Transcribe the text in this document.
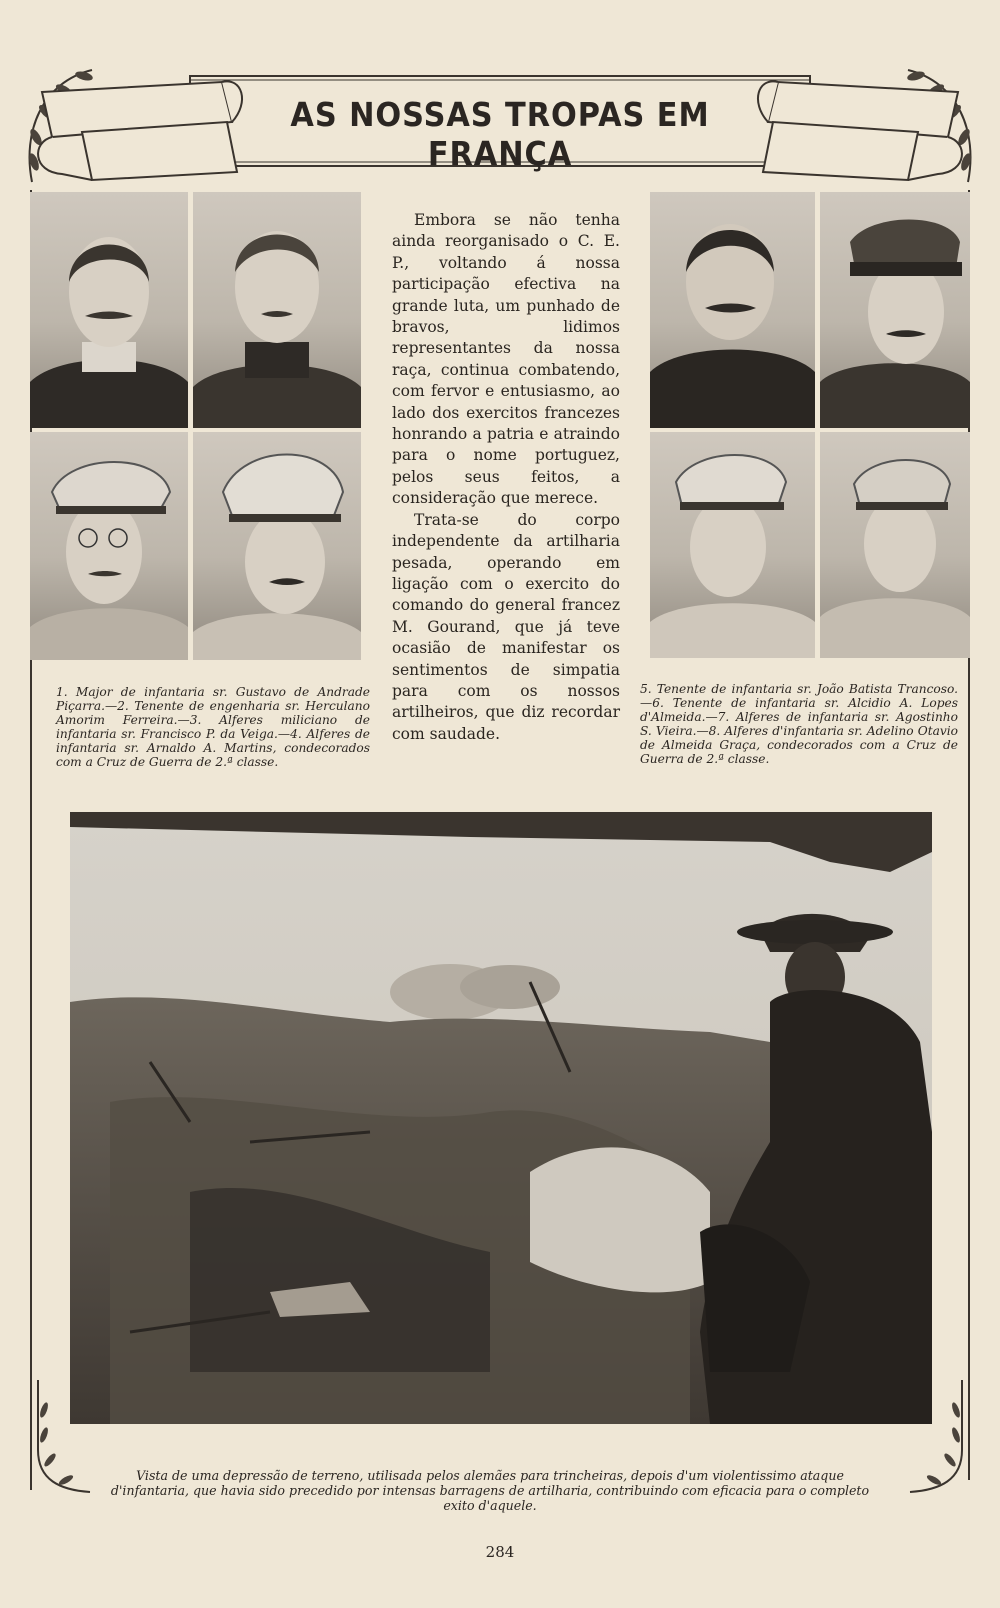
AS NOSSAS TROPAS EM FRANÇA

Embora se não tenha ainda reorganisado o C. E. P., voltando á nossa participação efectiva na grande luta, um punhado de bravos, lidimos representantes da nossa raça, continua combatendo, com fervor e entusiasmo, ao lado dos exercitos francezes honrando a patria e atraindo para o nome portuguez, pelos seus feitos, a consideração que merece.

Trata-se do corpo independente da artilharia pesada, operando em ligação com o exercito do comando do general francez M. Gourand, que já teve ocasião de manifestar os sentimentos de simpatia para com os nossos artilheiros, que diz recordar com saudade.

1. Major de infantaria sr. Gustavo de Andrade Piçarra.—2. Tenente de engenharia sr. Herculano Amorim Ferreira.—3. Alferes miliciano de infantaria sr. Francisco P. da Veiga.—4. Alferes de infantaria sr. Arnaldo A. Martins, condecorados com a Cruz de Guerra de 2.ª classe.
5. Tenente de infantaria sr. João Batista Trancoso.—6. Tenente de infantaria sr. Alcidio A. Lopes d'Almeida.—7. Alferes de infantaria sr. Agostinho S. Vieira.—8. Alferes d'infantaria sr. Adelino Otavio de Almeida Graça, condecorados com a Cruz de Guerra de 2.ª classe.
Vista de uma depressão de terreno, utilisada pelos alemães para trincheiras, depois d'um violentissimo ataque d'infantaria, que havia sido precedido por intensas barragens de artilharia, contribuindo com eficacia para o completo exito d'aquele.
284
